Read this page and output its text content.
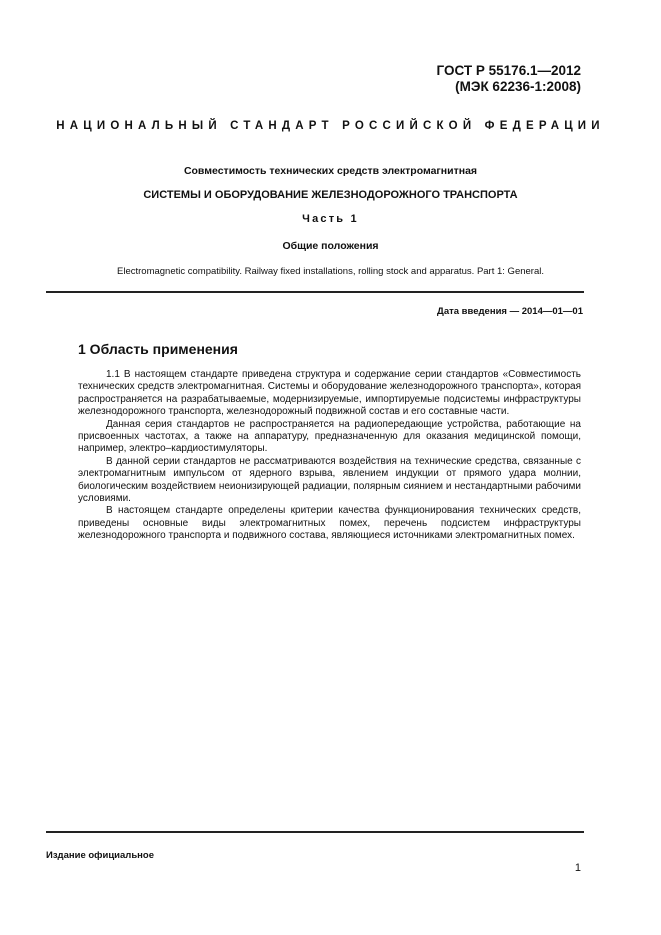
ГОСТ Р 55176.1—2012
(МЭК 62236-1:2008)
НАЦИОНАЛЬНЫЙ СТАНДАРТ РОССИЙСКОЙ ФЕДЕРАЦИИ
Совместимость технических средств электромагнитная
СИСТЕМЫ И ОБОРУДОВАНИЕ ЖЕЛЕЗНОДОРОЖНОГО ТРАНСПОРТА
Часть 1
Общие положения
Electromagnetic compatibility. Railway fixed installations, rolling stock and apparatus. Part 1: General.
Дата введения — 2014—01—01
1 Область применения

1.1 В настоящем стандарте приведена структура и содержание серии стандартов «Совместимость технических средств электромагнитная. Системы и оборудование железнодорожного транспорта», которая распространяется на разрабатываемые, модернизируемые, импортируемые подсистемы инфраструктуры железнодорожного транспорта, железнодорожный подвижной состав и его составные части.

Данная серия стандартов не распространяется на радиопередающие устройства, работающие на присвоенных частотах, а также на аппаратуру, предназначенную для оказания медицинской помощи, например, электро–кардиостимуляторы.

В данной серии стандартов не рассматриваются воздействия на технические средства, связанные с электромагнитным импульсом от ядерного взрыва, явлением индукции от прямого удара молнии, биологическим воздействием неионизирующей радиации, полярным сиянием и нестандартными рабочими условиями.

В настоящем стандарте определены критерии качества функционирования технических средств, приведены основные виды электромагнитных помех, перечень подсистем инфраструктуры железнодорожного транспорта и подвижного состава, являющиеся источниками электромагнитных помех.

Издание официальное
1
